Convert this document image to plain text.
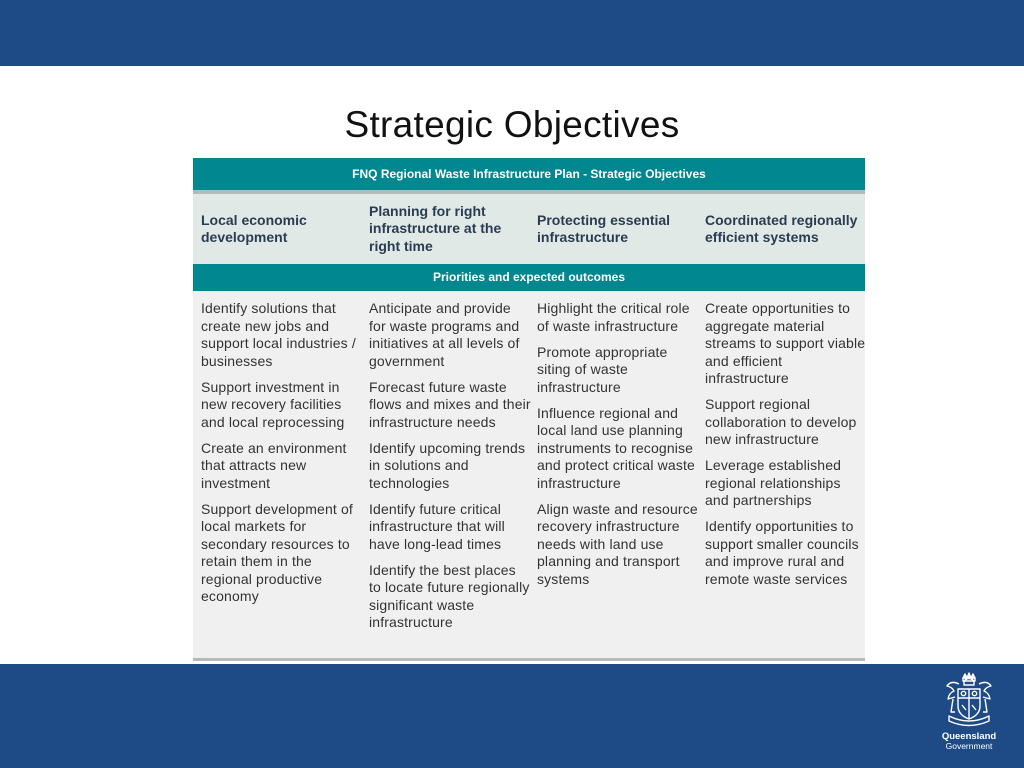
Strategic Objectives
FNQ Regional Waste Infrastructure Plan - Strategic Objectives
Local economic development
Planning for right infrastructure at the right time
Protecting essential infrastructure
Coordinated regionally efficient systems
Priorities and expected outcomes

Identify solutions that create new jobs and support local industries / businesses

Support investment in new recovery facilities and local reprocessing

Create an environment that attracts new investment

Support development of local markets for secondary resources to retain them in the regional productive economy

Anticipate and provide for waste programs and initiatives at all levels of government

Forecast future waste flows and mixes and their infrastructure needs

Identify upcoming trends in solutions and technologies

Identify future critical infrastructure that will have long-lead times

Identify the best places to locate future regionally significant waste infrastructure

Highlight the critical role of waste infrastructure

Promote appropriate siting of waste infrastructure

Influence regional and local land use planning instruments to recognise and protect critical waste infrastructure

Align waste and resource recovery infrastructure needs with land use planning and transport systems

Create opportunities to aggregate material streams to support viable and efficient infrastructure

Support regional collaboration to develop new infrastructure

Leverage established regional relationships and partnerships

Identify opportunities to support smaller councils and improve rural and remote waste services

Queensland
Government
